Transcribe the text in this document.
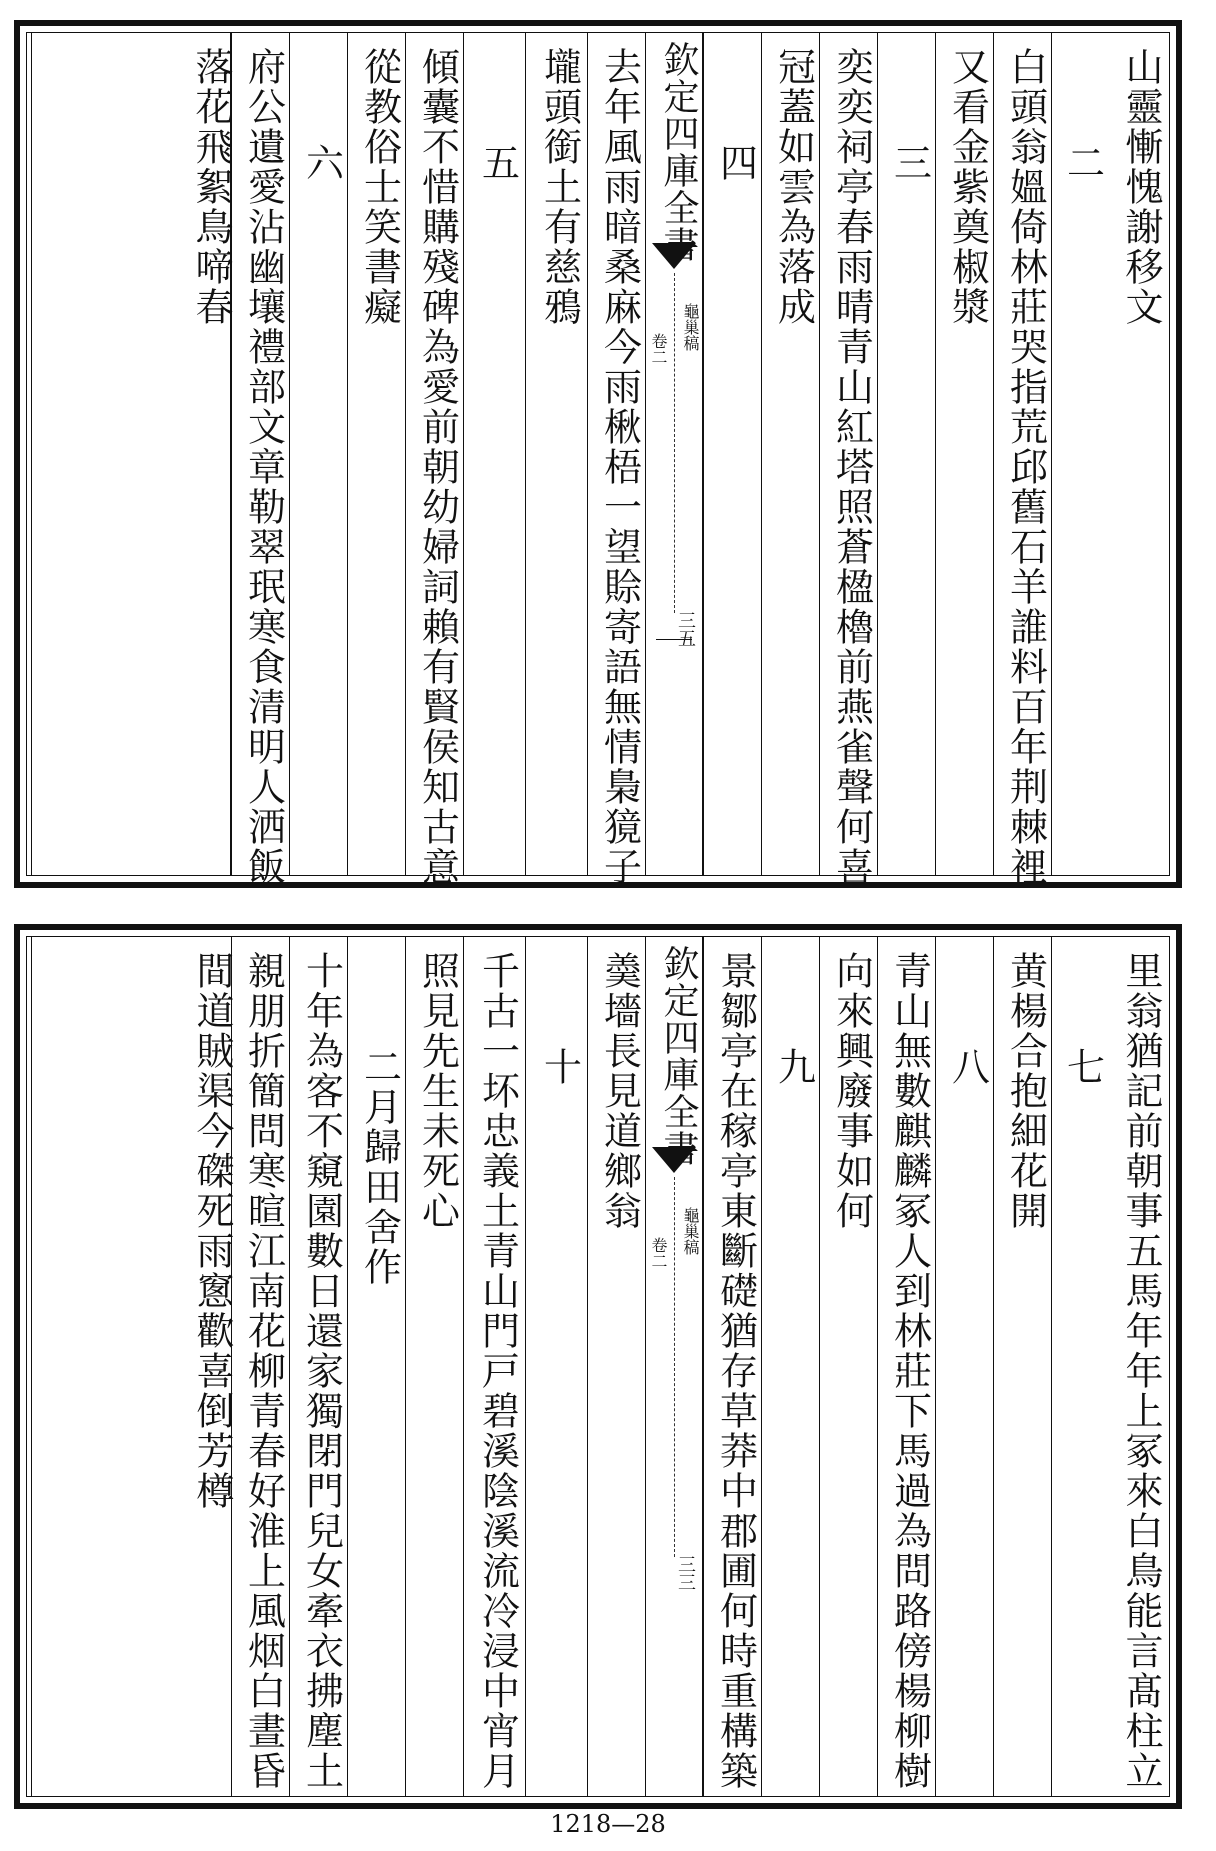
山靈慚愧謝移文
二
白頭翁媼倚林莊哭指荒邱舊石羊誰料百年荆棘裡
又看金紫奠椒漿
三
奕奕祠亭春雨晴青山紅塔照蒼楹櫓前燕雀聲何喜
冠蓋如雲為落成
四
欽定四庫全書
龜巢稿
卷二
三五
去年風雨暗桑麻今雨楸梧一望賒寄語無情梟獍子
壠頭銜土有慈鴉
五
傾囊不惜購殘碑為愛前朝幼婦詞賴有賢侯知古意
從教俗士笑書癡
六
府公遺愛沾幽壤禮部文章勒翠珉寒食清明人洒飯
落花飛絮鳥啼春
里翁猶記前朝事五馬年年上冢來白鳥能言髙柱立
七
黄楊合抱細花開
八
青山無數麒麟冢人到林莊下馬過為問路傍楊柳樹
向來興廢事如何
九
景鄒亭在稼亭東斷礎猶存草莽中郡圃何時重構築
欽定四庫全書
龜巢稿
卷二
三三
羮墻長見道鄉翁
十
千古一坏忠義土青山門戸碧溪陰溪流冷浸中宵月
照見先生未死心
二月歸田舍作
十年為客不窺園數日還家獨閉門兒女牽衣拂塵土
親朋折簡問寒暄江南花柳青春好淮上風烟白晝昏
間道賊渠今磔死雨窻歡喜倒芳樽
1218—28
